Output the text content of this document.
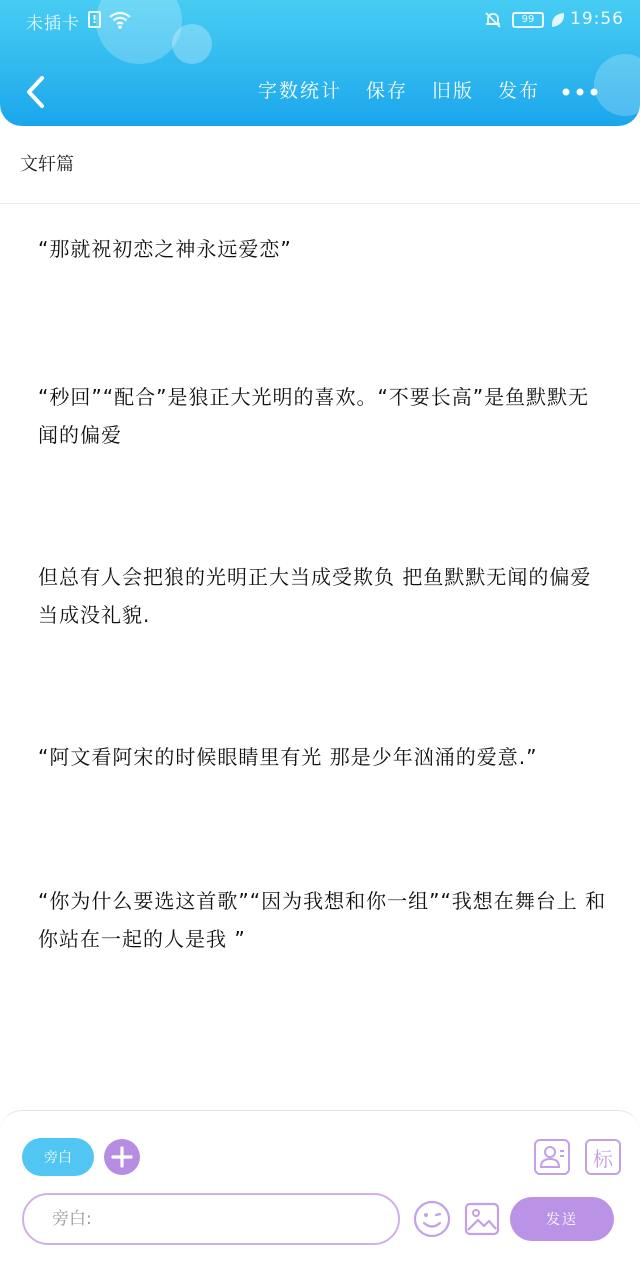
未插卡	!	99	19:56
字数统计 保存 旧版 发布
文轩篇

“那就祝初恋之神永远爱恋”

“秒回”“配合”是狼正大光明的喜欢。“不要长高”是鱼默默无闻的偏爱

但总有人会把狼的光明正大当成受欺负 把鱼默默无闻的偏爱当成没礼貌.

“阿文看阿宋的时候眼睛里有光 那是少年汹涌的爱意.”

“你为什么要选这首歌”“因为我想和你一组”“我想在舞台上 和你站在一起的人是我 ”

旁白	标
旁白:
发送
